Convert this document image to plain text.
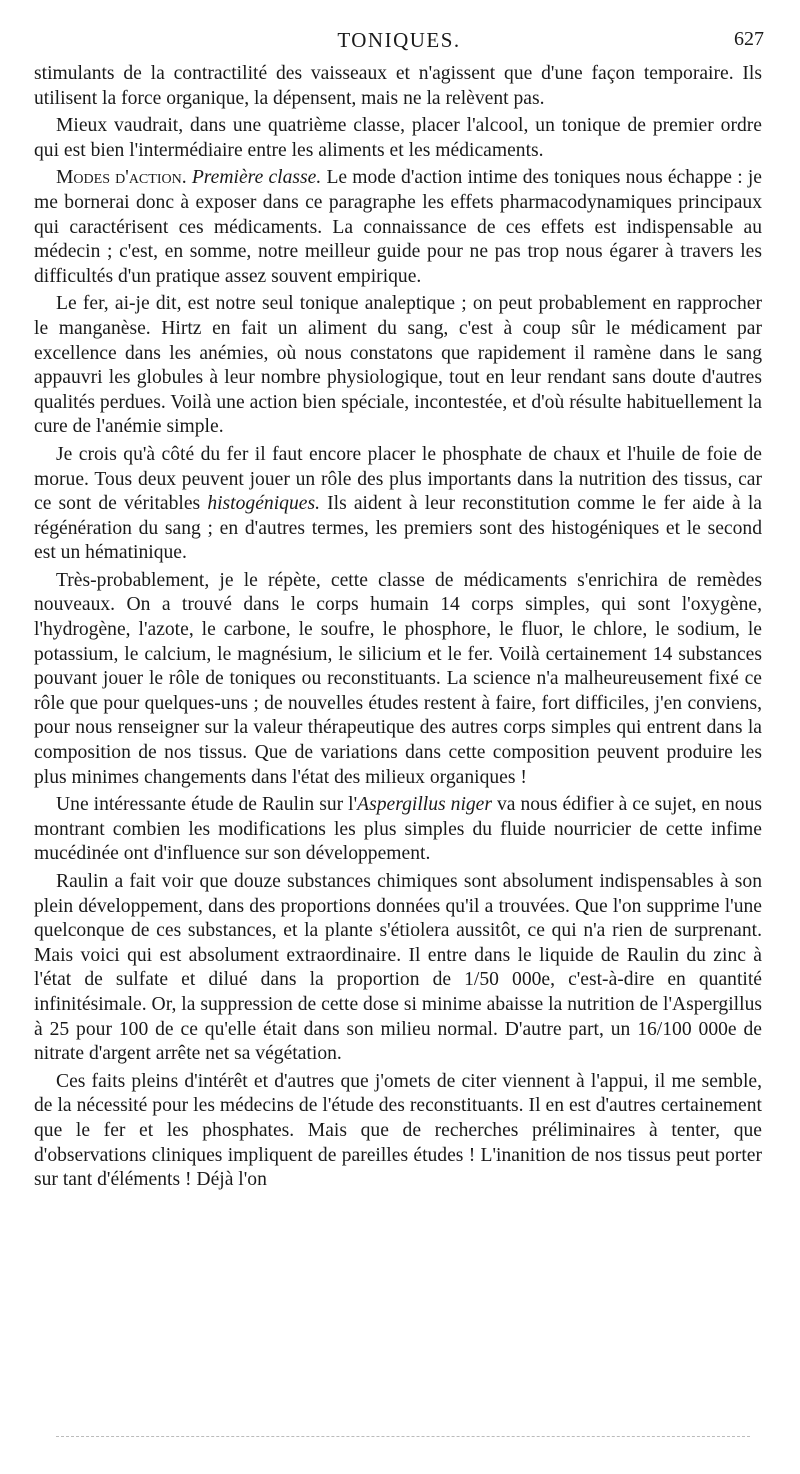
TONIQUES.	627

stimulants de la contractilité des vaisseaux et n'agissent que d'une façon temporaire. Ils utilisent la force organique, la dépensent, mais ne la relèvent pas.

Mieux vaudrait, dans une quatrième classe, placer l'alcool, un tonique de premier ordre qui est bien l'intermédiaire entre les aliments et les médicaments.

Modes d'action. Première classe. Le mode d'action intime des toniques nous échappe : je me bornerai donc à exposer dans ce paragraphe les effets pharmacodynamiques principaux qui caractérisent ces médicaments. La connaissance de ces effets est indispensable au médecin ; c'est, en somme, notre meilleur guide pour ne pas trop nous égarer à travers les difficultés d'un pratique assez souvent empirique.

Le fer, ai-je dit, est notre seul tonique analeptique ; on peut probablement en rapprocher le manganèse. Hirtz en fait un aliment du sang, c'est à coup sûr le médicament par excellence dans les anémies, où nous constatons que rapidement il ramène dans le sang appauvri les globules à leur nombre physiologique, tout en leur rendant sans doute d'autres qualités perdues. Voilà une action bien spéciale, incontestée, et d'où résulte habituellement la cure de l'anémie simple.

Je crois qu'à côté du fer il faut encore placer le phosphate de chaux et l'huile de foie de morue. Tous deux peuvent jouer un rôle des plus importants dans la nutrition des tissus, car ce sont de véritables histogéniques. Ils aident à leur reconstitution comme le fer aide à la régénération du sang ; en d'autres termes, les premiers sont des histogéniques et le second est un hématinique.

Très-probablement, je le répète, cette classe de médicaments s'enrichira de remèdes nouveaux. On a trouvé dans le corps humain 14 corps simples, qui sont l'oxygène, l'hydrogène, l'azote, le carbone, le soufre, le phosphore, le fluor, le chlore, le sodium, le potassium, le calcium, le magnésium, le silicium et le fer. Voilà certainement 14 substances pouvant jouer le rôle de toniques ou reconstituants. La science n'a malheureusement fixé ce rôle que pour quelques-uns ; de nouvelles études restent à faire, fort difficiles, j'en conviens, pour nous renseigner sur la valeur thérapeutique des autres corps simples qui entrent dans la composition de nos tissus. Que de variations dans cette composition peuvent produire les plus minimes changements dans l'état des milieux organiques !

Une intéressante étude de Raulin sur l'Aspergillus niger va nous édifier à ce sujet, en nous montrant combien les modifications les plus simples du fluide nourricier de cette infime mucédinée ont d'influence sur son développement.

Raulin a fait voir que douze substances chimiques sont absolument indispensables à son plein développement, dans des proportions données qu'il a trouvées. Que l'on supprime l'une quelconque de ces substances, et la plante s'étiolera aussitôt, ce qui n'a rien de surprenant. Mais voici qui est absolument extraordinaire. Il entre dans le liquide de Raulin du zinc à l'état de sulfate et dilué dans la proportion de 1/50 000e, c'est-à-dire en quantité infinitésimale. Or, la suppression de cette dose si minime abaisse la nutrition de l'Aspergillus à 25 pour 100 de ce qu'elle était dans son milieu normal. D'autre part, un 16/100 000e de nitrate d'argent arrête net sa végétation.

Ces faits pleins d'intérêt et d'autres que j'omets de citer viennent à l'appui, il me semble, de la nécessité pour les médecins de l'étude des reconstituants. Il en est d'autres certainement que le fer et les phosphates. Mais que de recherches préliminaires à tenter, que d'observations cliniques impliquent de pareilles études ! L'inanition de nos tissus peut porter sur tant d'éléments ! Déjà l'on
